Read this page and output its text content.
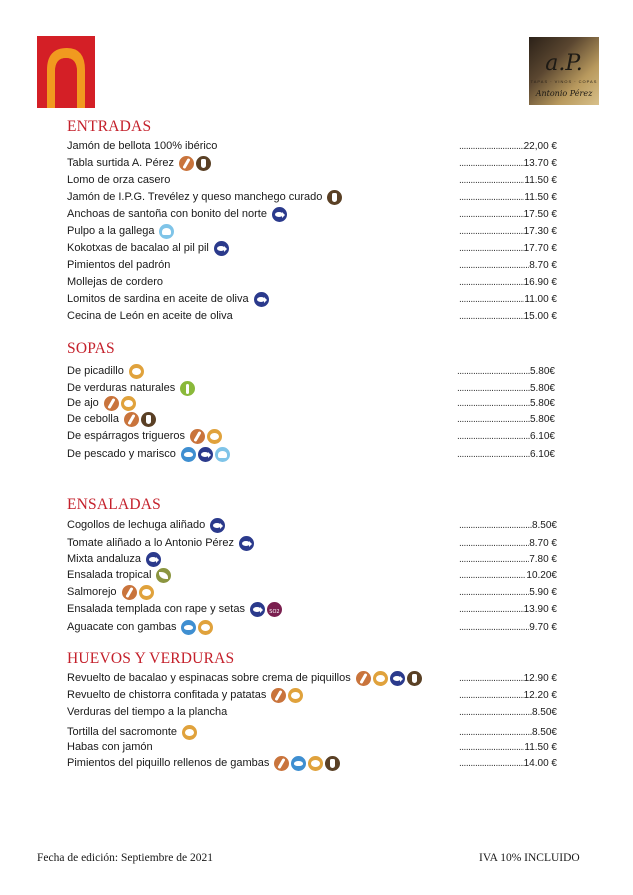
a.P.
TAPAS · VINOS · COPAS
Antonio Pérez
ENTRADAS
Jamón de bellota 100% ibérico .....	22,00 €
Tabla surtida A. Pérez .....	13.70 €
Lomo de orza casero .....	11.50 €
Jamón de I.P.G. Trevélez y queso manchego curado .....	11.50 €
Anchoas de santoña con bonito del norte .....	17.50 €
Pulpo a la gallega .....	17.30 €
Kokotxas de bacalao al pil pil .....	17.70 €
Pimientos del padrón .....	8.70 €
Mollejas de cordero .....	16.90 €
Lomitos de sardina en aceite de oliva .....	11.00 €
Cecina de León en aceite de oliva .....	15.00 €
SOPAS
De picadillo .....	5.80€
De verduras naturales .....	5.80€
De ajo .....	5.80€
De cebolla .....	5.80€
De espárragos trigueros .....	6.10€
De pescado y marisco .....	6.10€
ENSALADAS
Cogollos de lechuga aliñado .....	8.50€
Tomate aliñado a lo Antonio Pérez .....	8.70 €
Mixta andaluza .....	7.80 €
Ensalada tropical .....	10.20€
Salmorejo .....	5.90 €
Ensalada templada con rape y setas SO2 .....	13.90 €
Aguacate con gambas .....	9.70 €
HUEVOS Y VERDURAS
Revuelto de bacalao y espinacas sobre crema de piquillos .....	12.90 €
Revuelto de chistorra confitada y patatas .....	12.20 €
Verduras del tiempo a la plancha .....	8.50€
Tortilla del sacromonte .....	8.50€
Habas con jamón .....	11.50 €
Pimientos del piquillo rellenos de gambas .....	14.00 €
Fecha de edición: Septiembre de 2021	IVA 10% INCLUIDO
